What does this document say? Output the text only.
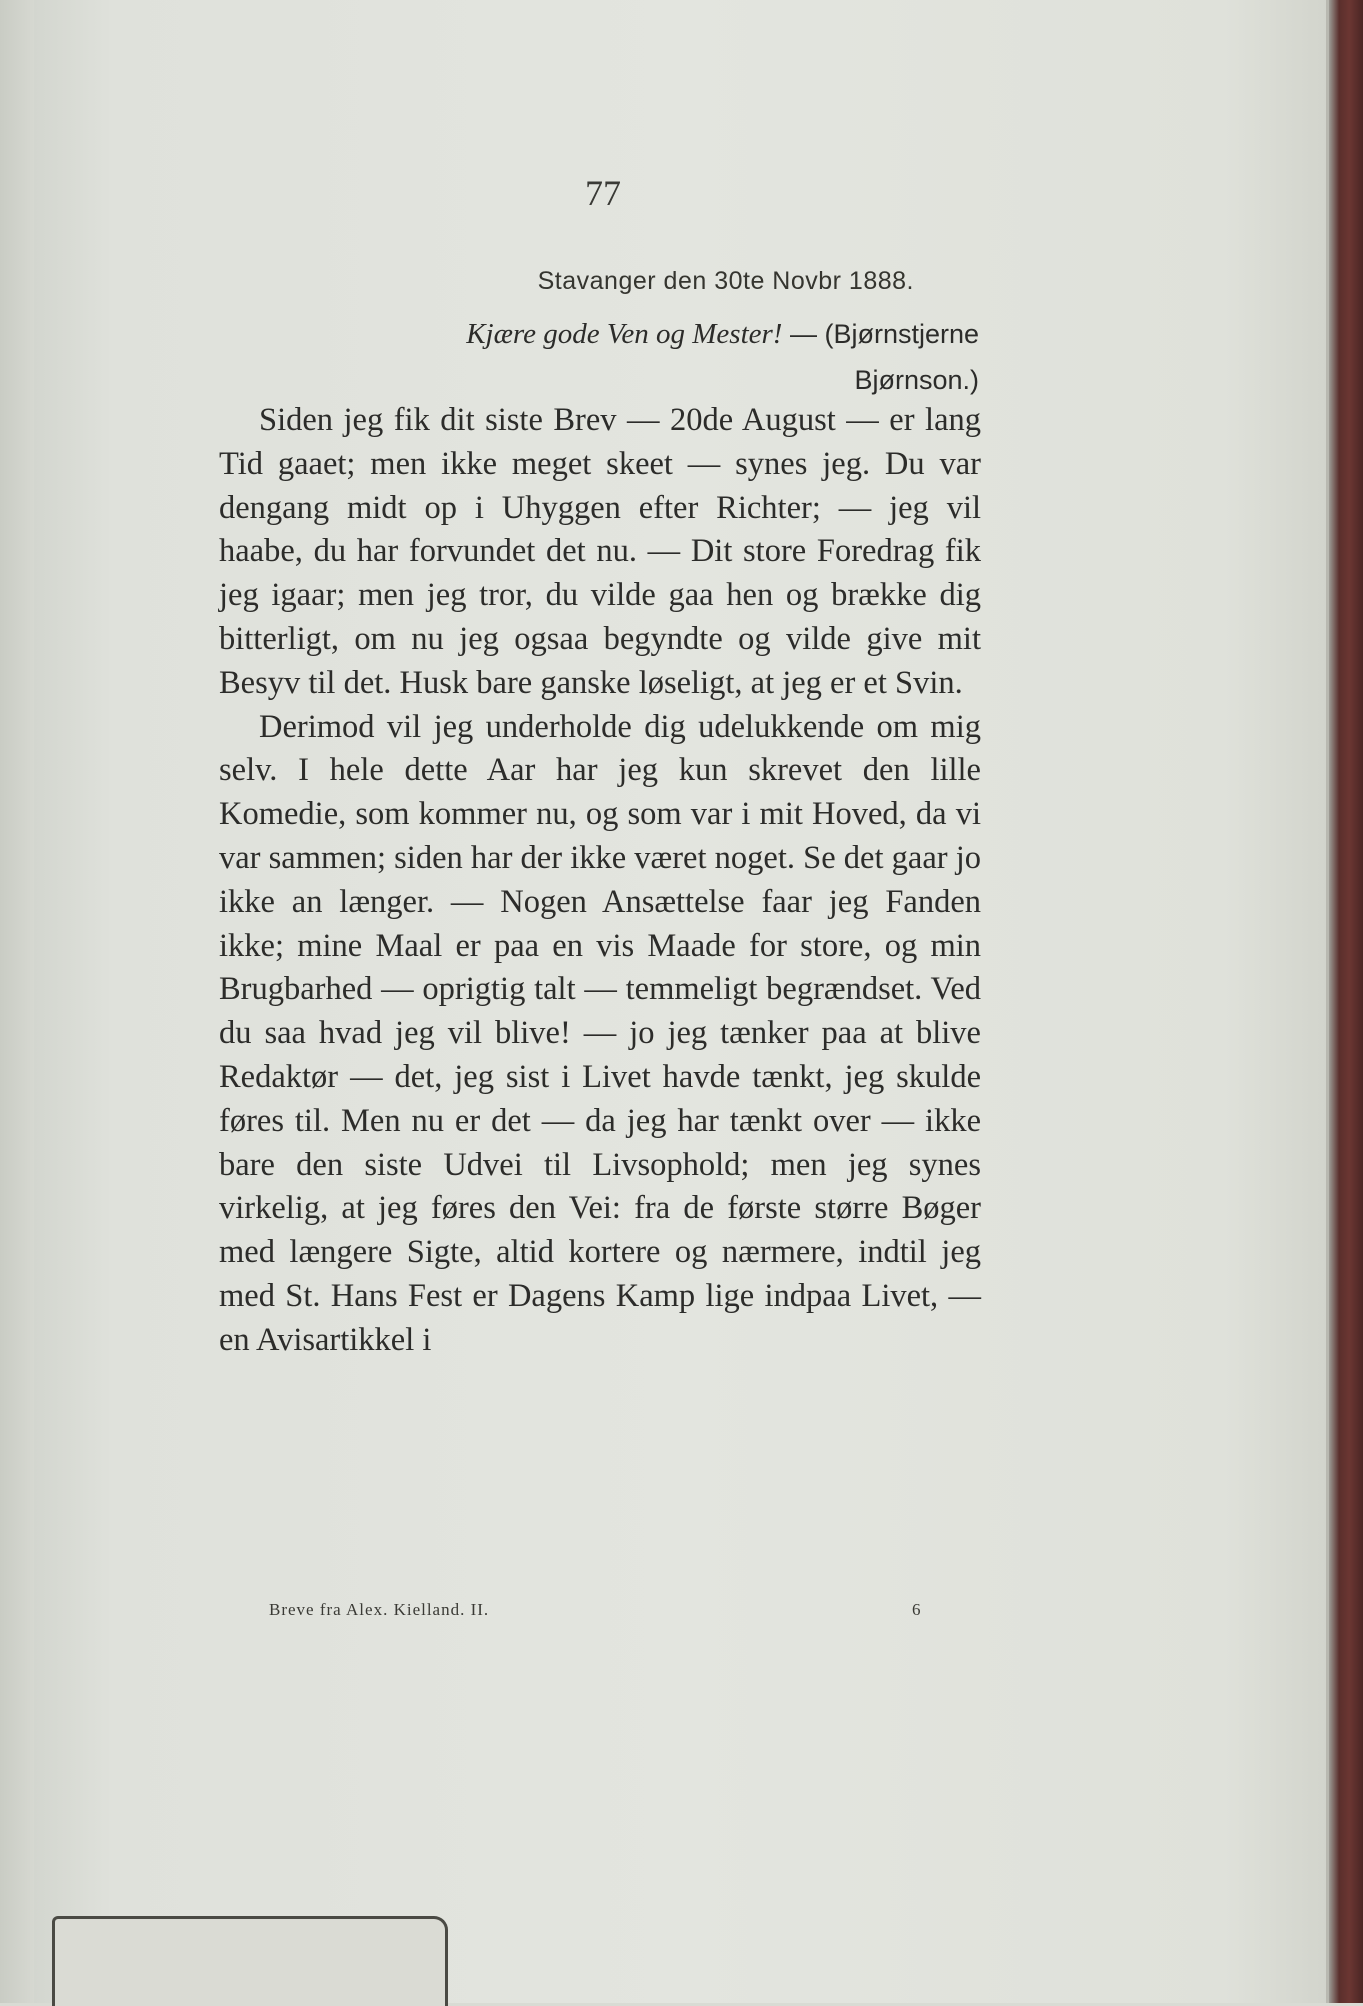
77
Stavanger den 30te Novbr 1888.
Kjære gode Ven og Mester! — (Bjørnstjerne
Bjørnson.)

Siden jeg fik dit siste Brev — 20de August — er lang Tid gaaet; men ikke meget skeet — synes jeg. Du var dengang midt op i Uhyggen efter Richter; — jeg vil haabe, du har forvundet det nu. — Dit store Foredrag fik jeg igaar; men jeg tror, du vilde gaa hen og brække dig bitterligt, om nu jeg ogsaa begyndte og vilde give mit Besyv til det. Husk bare ganske løseligt, at jeg er et Svin.

Derimod vil jeg underholde dig udelukkende om mig selv. I hele dette Aar har jeg kun skrevet den lille Komedie, som kommer nu, og som var i mit Hoved, da vi var sammen; siden har der ikke været noget. Se det gaar jo ikke an længer. — Nogen Ansættelse faar jeg Fanden ikke; mine Maal er paa en vis Maade for store, og min Brugbarhed — oprigtig talt — temmeligt begrændset. Ved du saa hvad jeg vil blive! — jo jeg tænker paa at blive Redaktør — det, jeg sist i Livet havde tænkt, jeg skulde føres til. Men nu er det — da jeg har tænkt over — ikke bare den siste Udvei til Livsophold; men jeg synes virkelig, at jeg føres den Vei: fra de første større Bøger med længere Sigte, altid kortere og nærmere, indtil jeg med St. Hans Fest er Dagens Kamp lige indpaa Livet, — en Avisartikkel i

Breve fra Alex. Kielland. II.	6
